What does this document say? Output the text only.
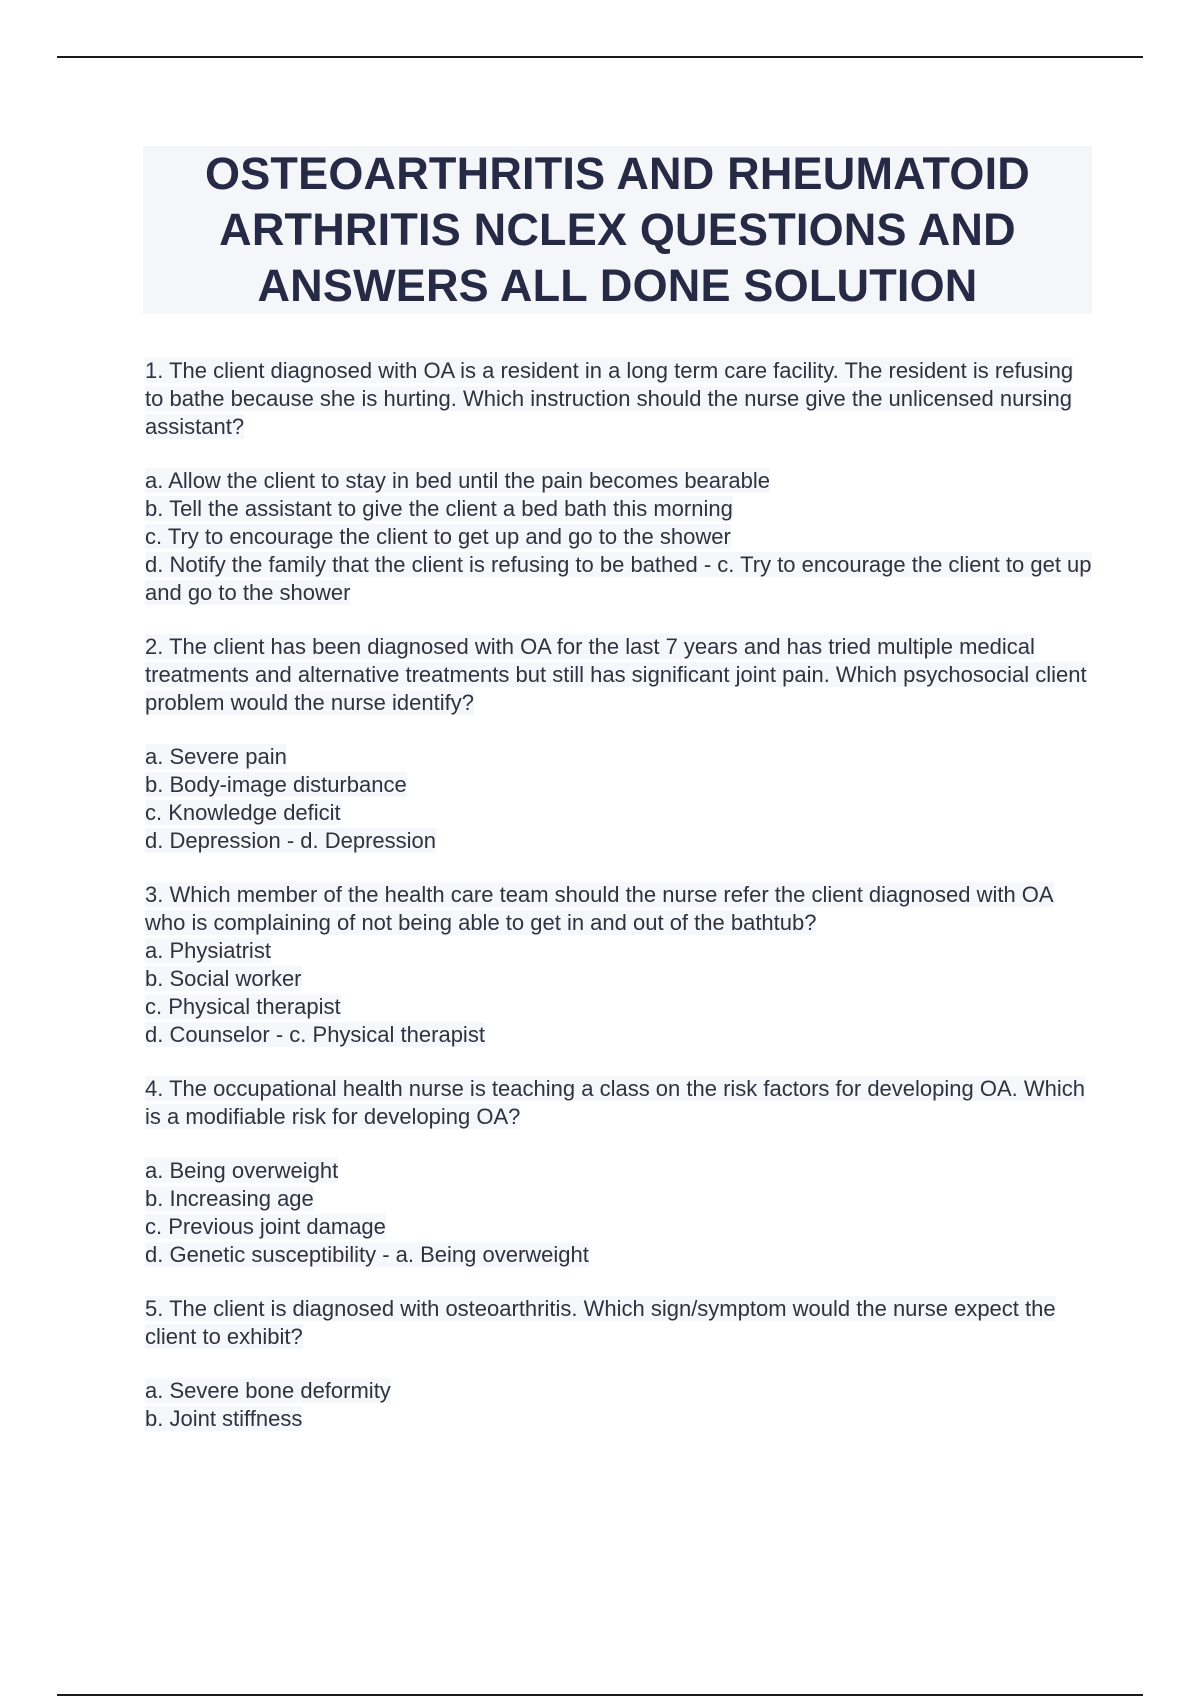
OSTEOARTHRITIS AND RHEUMATOID ARTHRITIS NCLEX QUESTIONS AND ANSWERS ALL DONE SOLUTION

1. The client diagnosed with OA is a resident in a long term care facility. The resident is refusing to bathe because she is hurting. Which instruction should the nurse give the unlicensed nursing assistant?

a. Allow the client to stay in bed until the pain becomes bearable

b. Tell the assistant to give the client a bed bath this morning

c. Try to encourage the client to get up and go to the shower

d. Notify the family that the client is refusing to be bathed - c. Try to encourage the client to get up and go to the shower

2. The client has been diagnosed with OA for the last 7 years and has tried multiple medical treatments and alternative treatments but still has significant joint pain. Which psychosocial client problem would the nurse identify?

a. Severe pain

b. Body-image disturbance

c. Knowledge deficit

d. Depression - d. Depression

3. Which member of the health care team should the nurse refer the client diagnosed with OA who is complaining of not being able to get in and out of the bathtub?

a. Physiatrist

b. Social worker

c. Physical therapist

d. Counselor - c. Physical therapist

4. The occupational health nurse is teaching a class on the risk factors for developing OA. Which is a modifiable risk for developing OA?

a. Being overweight

b. Increasing age

c. Previous joint damage

d. Genetic susceptibility - a. Being overweight

5. The client is diagnosed with osteoarthritis. Which sign/symptom would the nurse expect the client to exhibit?

a. Severe bone deformity

b. Joint stiffness
